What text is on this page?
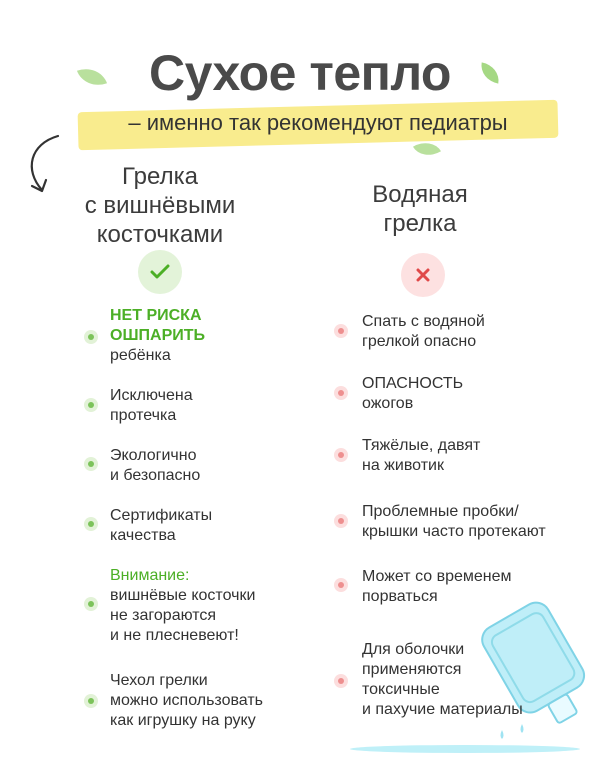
Сухое тепло
– именно так рекомендуют педиатры
Грелка
с вишнёвыми
косточками
Водяная
грелка
НЕТ РИСКА
ОШПАРИТЬ
ребёнка
Исключена
протечка
Экологично
и безопасно
Сертификаты
качества
Внимание:
вишнёвые косточки
не загораются
и не плесневеют!
Чехол грелки
можно использовать
как игрушку на руку
Спать с водяной
грелкой опасно
ОПАСНОСТЬ
ожогов
Тяжёлые, давят
на животик
Проблемные пробки/
крышки часто протекают
Может со временем
порваться
Для оболочки
применяются
токсичные
и пахучие материалы
